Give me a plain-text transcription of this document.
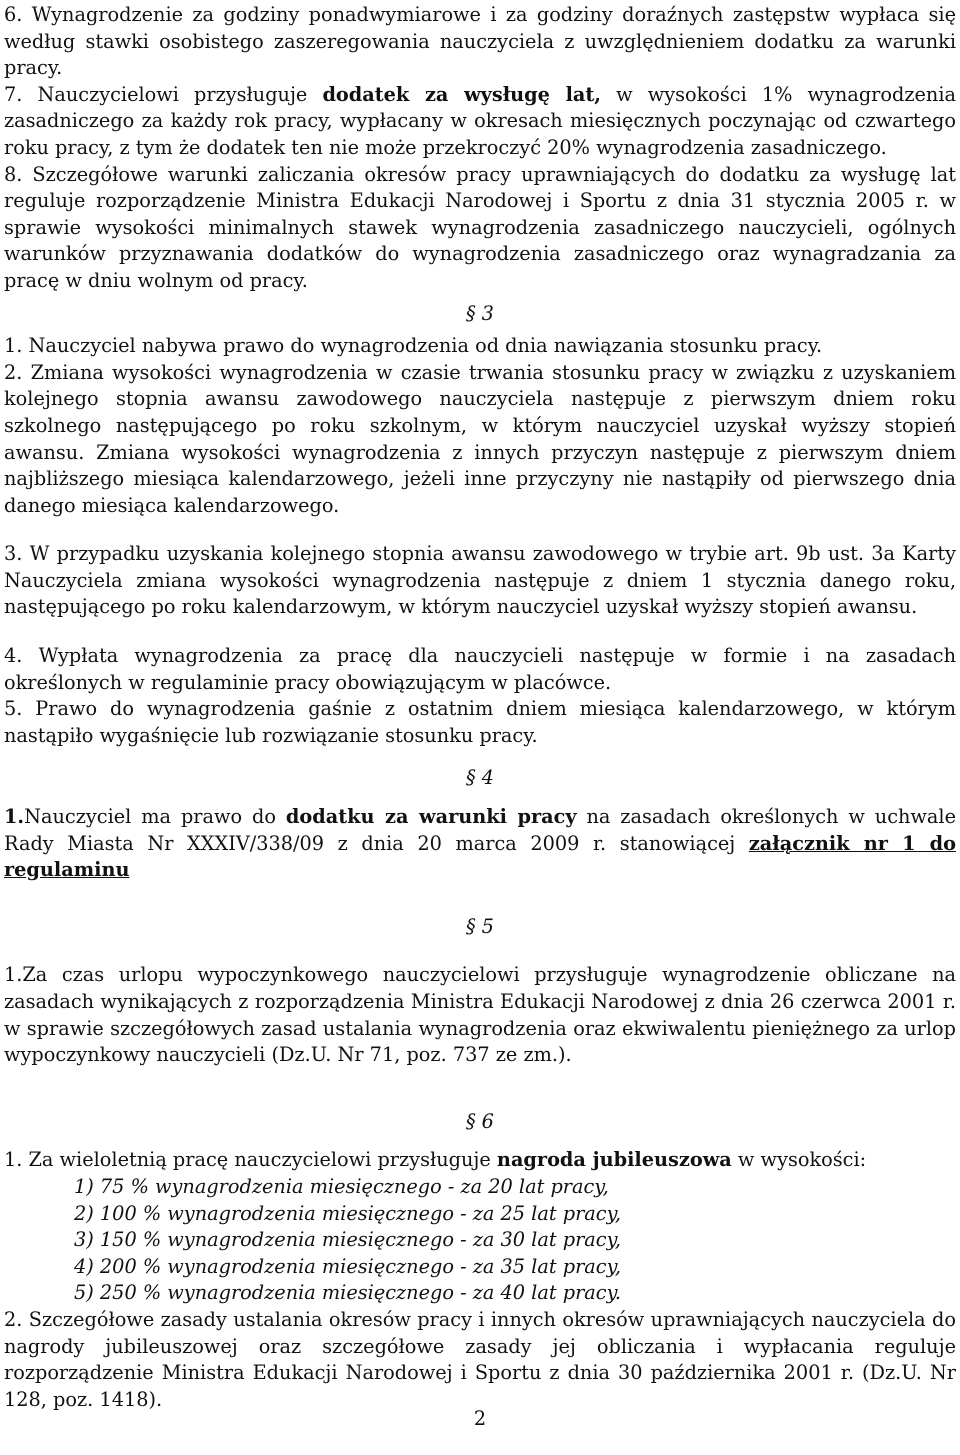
6. Wynagrodzenie za godziny ponadwymiarowe i za godziny doraźnych zastępstw wypłaca się według stawki osobistego zaszeregowania nauczyciela z uwzględnieniem dodatku za warunki pracy.

7. Nauczycielowi przysługuje dodatek za wysługę lat, w wysokości 1% wynagrodzenia zasadniczego za każdy rok pracy, wypłacany w okresach miesięcznych poczynając od czwartego roku pracy, z tym że dodatek ten nie może przekroczyć 20% wynagrodzenia zasadniczego.

8. Szczegółowe warunki zaliczania okresów pracy uprawniających do dodatku za wysługę lat reguluje rozporządzenie Ministra Edukacji Narodowej i Sportu z dnia 31 stycznia 2005 r. w sprawie wysokości minimalnych stawek wynagrodzenia zasadniczego nauczycieli, ogólnych warunków przyznawania dodatków do wynagrodzenia zasadniczego oraz wynagradzania za pracę w dniu wolnym od pracy.

§ 3

1. Nauczyciel nabywa prawo do wynagrodzenia od dnia nawiązania stosunku pracy.

2. Zmiana wysokości wynagrodzenia w czasie trwania stosunku pracy w związku z uzyskaniem kolejnego stopnia awansu zawodowego nauczyciela następuje z pierwszym dniem roku szkolnego następującego po roku szkolnym, w którym nauczyciel uzyskał wyższy stopień awansu. Zmiana wysokości wynagrodzenia z innych przyczyn następuje z pierwszym dniem najbliższego miesiąca kalendarzowego, jeżeli inne przyczyny nie nastąpiły od pierwszego dnia danego miesiąca kalendarzowego.

3. W przypadku uzyskania kolejnego stopnia awansu zawodowego w trybie art. 9b ust. 3a Karty Nauczyciela zmiana wysokości wynagrodzenia następuje z dniem 1 stycznia danego roku, następującego po roku kalendarzowym, w którym nauczyciel uzyskał wyższy stopień awansu.

4. Wypłata wynagrodzenia za pracę dla nauczycieli następuje w formie i na zasadach określonych w regulaminie pracy obowiązującym w placówce.

5. Prawo do wynagrodzenia gaśnie z ostatnim dniem miesiąca kalendarzowego, w którym nastąpiło wygaśnięcie lub rozwiązanie stosunku pracy.

§ 4

1.Nauczyciel ma prawo do dodatku za warunki pracy na zasadach określonych w uchwale Rady Miasta Nr XXXIV/338/09 z dnia 20 marca 2009 r. stanowiącej załącznik nr 1 do regulaminu

§ 5

1.Za czas urlopu wypoczynkowego nauczycielowi przysługuje wynagrodzenie obliczane na zasadach wynikających z rozporządzenia Ministra Edukacji Narodowej z dnia 26 czerwca 2001 r. w sprawie szczegółowych zasad ustalania wynagrodzenia oraz ekwiwalentu pieniężnego za urlop wypoczynkowy nauczycieli (Dz.U. Nr 71, poz. 737 ze zm.).

§ 6

1. Za wieloletnią pracę nauczycielowi przysługuje nagroda jubileuszowa w wysokości:

1) 75 % wynagrodzenia miesięcznego - za 20 lat pracy,

2) 100 % wynagrodzenia miesięcznego - za 25 lat pracy,

3) 150 % wynagrodzenia miesięcznego - za 30 lat pracy,

4) 200 % wynagrodzenia miesięcznego - za 35 lat pracy,

5) 250 % wynagrodzenia miesięcznego - za 40 lat pracy.

2. Szczegółowe zasady ustalania okresów pracy i innych okresów uprawniających nauczyciela do nagrody jubileuszowej oraz szczegółowe zasady jej obliczania i wypłacania reguluje rozporządzenie Ministra Edukacji Narodowej i Sportu z dnia 30 października 2001 r. (Dz.U. Nr 128, poz. 1418).

2
